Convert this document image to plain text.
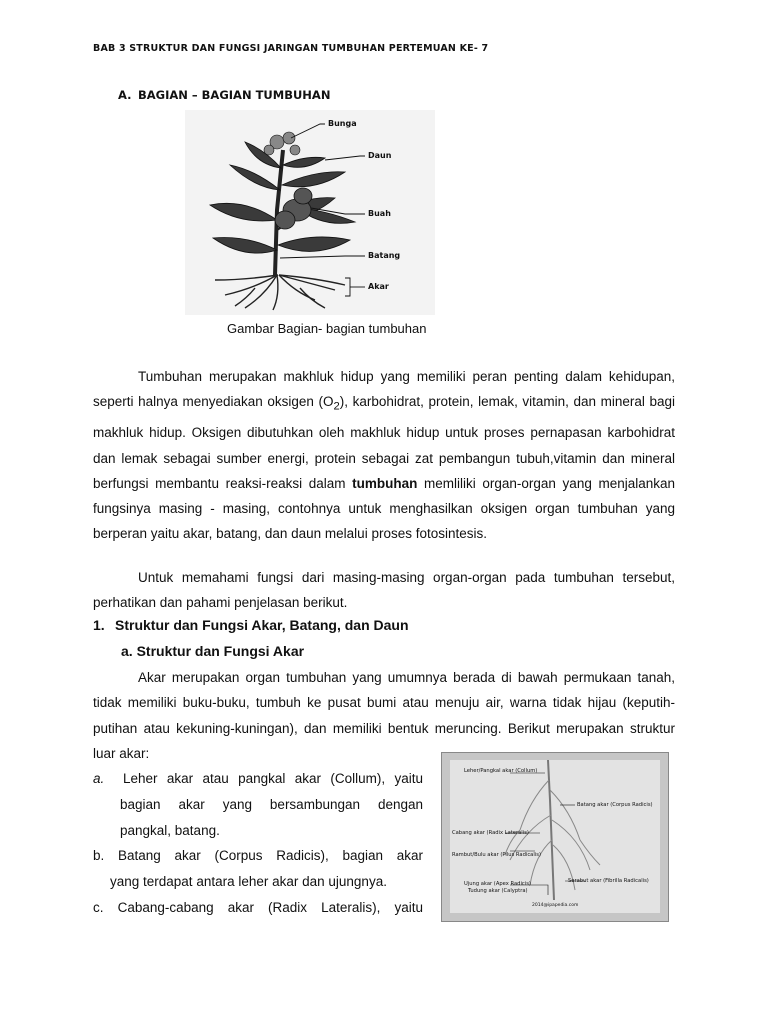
BAB 3 STRUKTUR DAN FUNGSI JARINGAN TUMBUHAN PERTEMUAN KE- 7
A. BAGIAN – BAGIAN TUMBUHAN
Bunga
Daun
Buah
Batang
Akar
Gambar Bagian- bagian tumbuhan
Tumbuhan merupakan makhluk hidup yang memiliki peran penting dalam kehidupan, seperti halnya menyediakan oksigen $(O_2)$, karbohidrat, protein, lemak, vitamin, dan mineral bagi makhluk hidup. Oksigen dibutuhkan oleh makhluk hidup untuk proses pernapasan karbohidrat dan lemak sebagai sumber energi, protein sebagai zat pembangun tubuh,vitamin dan mineral berfungsi membantu reaksi-reaksi dalam tumbuhan memliliki organ-organ yang menjalankan fungsinya masing - masing, contohnya untuk menghasilkan oksigen organ tumbuhan yang berperan yaitu akar, batang, dan daun melalui proses fotosintesis.
Untuk memahami fungsi dari masing-masing organ-organ pada tumbuhan tersebut, perhatikan dan pahami penjelasan berikut.
1. Struktur dan Fungsi Akar, Batang, dan Daun
a. Struktur dan Fungsi Akar
Akar merupakan organ tumbuhan yang umumnya berada di bawah permukaan tanah, tidak memiliki buku-buku, tumbuh ke pusat bumi atau menuju air, warna tidak hijau (keputih-putihan atau kekuning-kuningan), dan memiliki bentuk meruncing. Berikut merupakan struktur luar akar:
a. Leher akar atau pangkal akar (Collum), yaitu
bagian akar yang bersambungan dengan
pangkal, batang.
b. Batang akar (Corpus Radicis), bagian akar
yang terdapat antara leher akar dan ujungnya.
c. Cabang-cabang akar (Radix Lateralis), yaitu
Leher/Pangkal akar (Collum)
Batang akar (Corpus Radicis)
Cabang akar (Radix Lateralis)
Rambut/Bulu akar (Pilus Radicalis)
Serabut akar (Fibrilla Radicalis)
Ujung akar (Apex Radicis)
Tudung akar (Calyptra)
2014@ipapedia.com
